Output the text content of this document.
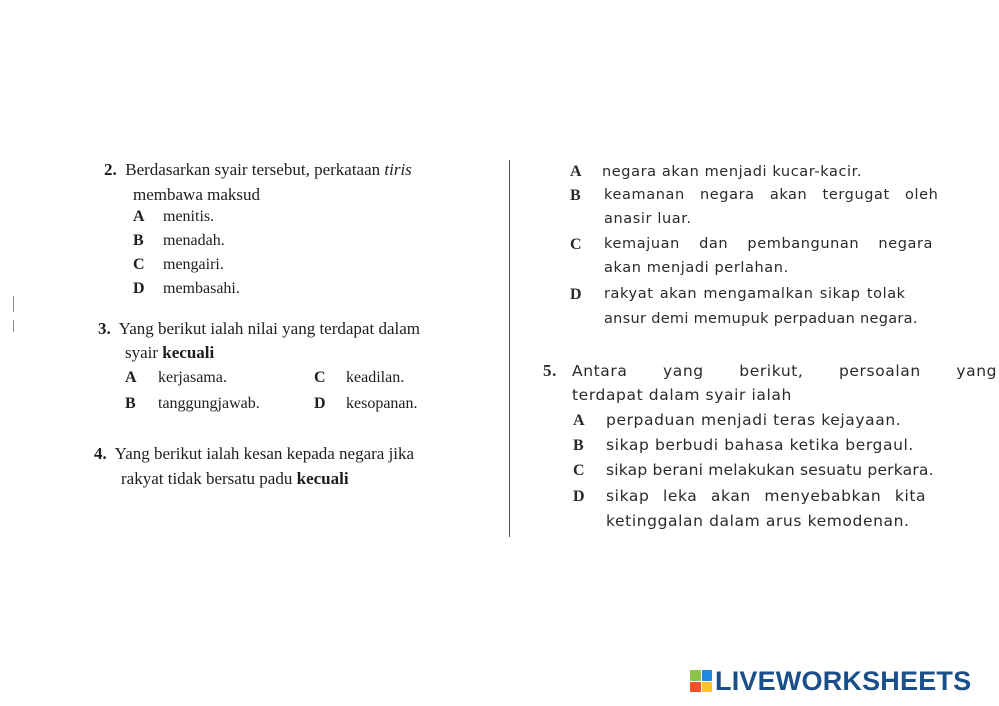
2. Berdasarkan syair tersebut, perkataan tiris
membawa maksud
A menitis.
B menadah.
C mengairi.
D membasahi.
3. Yang berikut ialah nilai yang terdapat dalam
syair kecuali
A kerjasama.
B tanggungjawab.
C keadilan.
D kesopanan.
4. Yang berikut ialah kesan kepada negara jika
rakyat tidak bersatu padu kecuali
A negara akan menjadi kucar-kacir.
B	keamanan negara akan tergugat oleh
anasir luar.
C	kemajuan dan pembangunan negara
akan menjadi perlahan.
D	rakyat akan mengamalkan sikap tolak
ansur demi memupuk perpaduan negara.
5. Antara yang berikut, persoalan yang
terdapat dalam syair ialah
A perpaduan menjadi teras kejayaan.
B sikap berbudi bahasa ketika bergaul.
C sikap berani melakukan sesuatu perkara.
D sikap leka akan menyebabkan kita
ketinggalan dalam arus kemodenan.
LIVEWORKSHEETS
